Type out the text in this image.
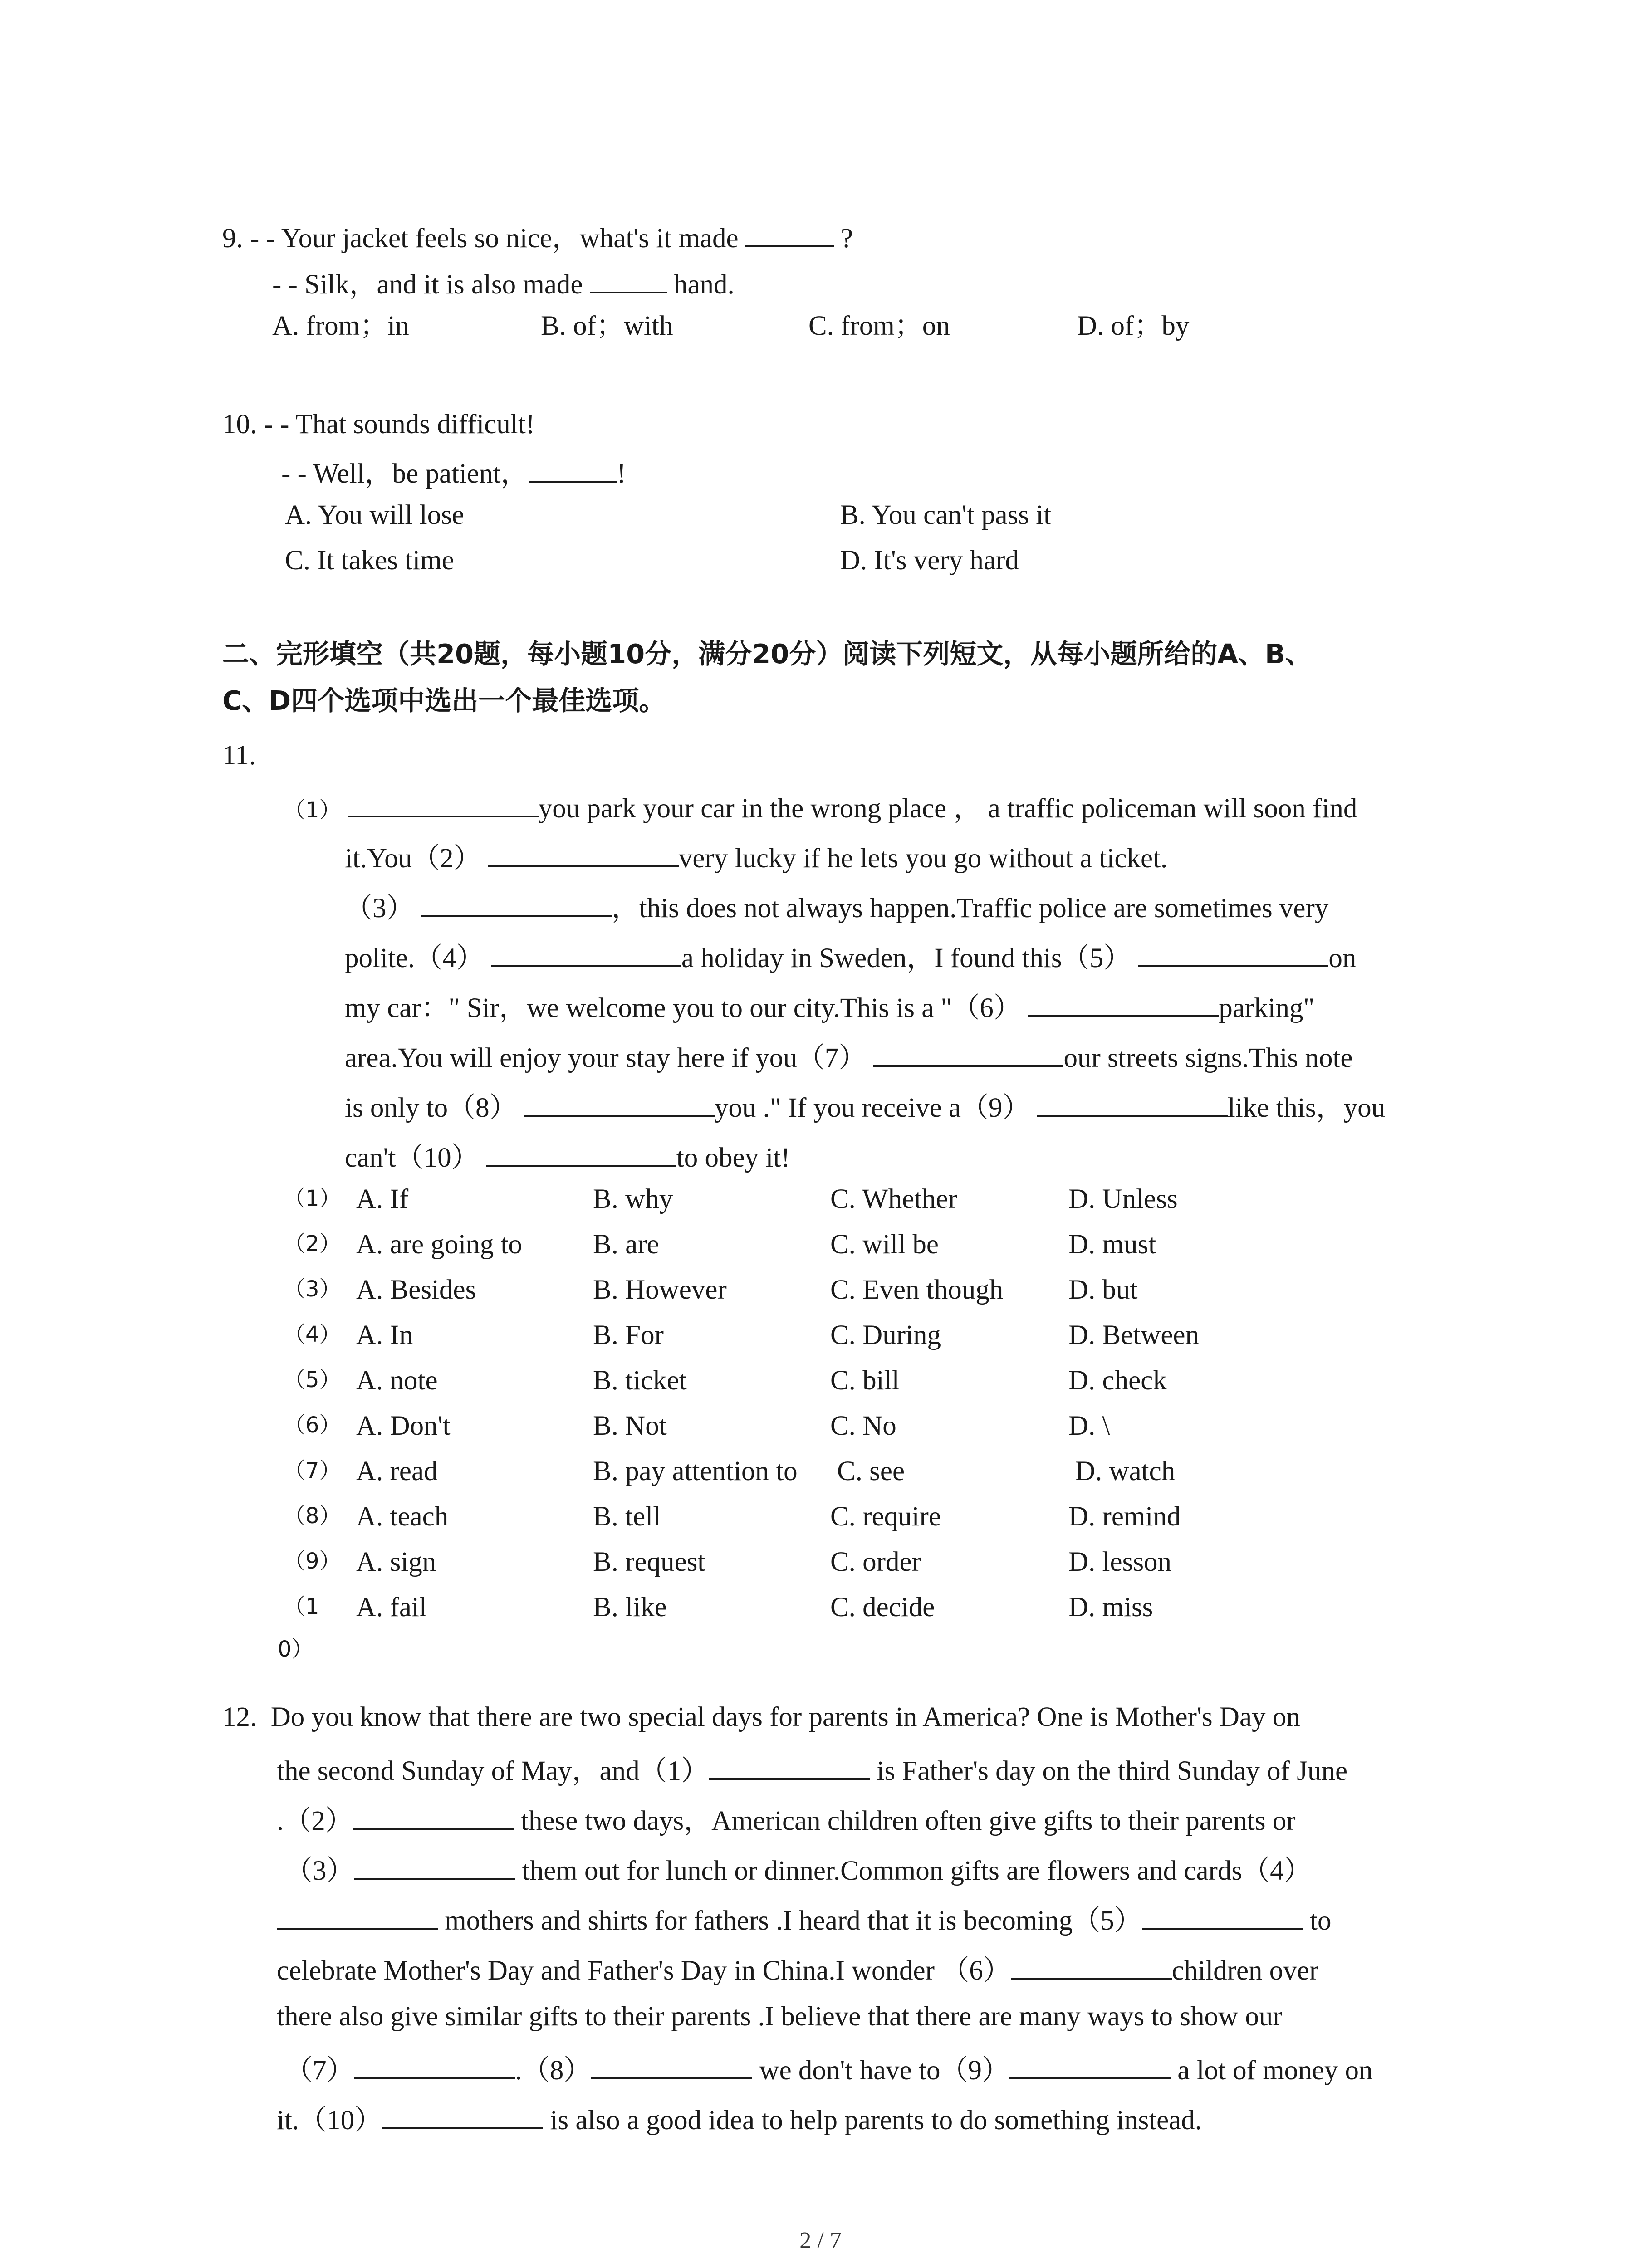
9. - - Your jacket feels so nice，what's it made	?
- - Silk，and it is also made	hand.
A. from；in	B. of；with	C. from；on	D. of；by
10. - - That sounds difficult!
- - Well，be patient，	!
A. You will lose	B. You can't pass it
C. It takes time	D. It's very hard
二、完形填空（共20题，每小题10分，满分20分）阅读下列短文，从每小题所给的A、B、
C、D四个选项中选出一个最佳选项。
11.
（1）	you park your car in the wrong place ， a traffic policeman will soon find
it.You（2）	very lucky if he lets you go without a ticket.
（3）	，this does not always happen.Traffic police are sometimes very
polite.（4）	a holiday in Sweden，I found this（5）	on
my car：" Sir，we welcome you to our city.This is a "（6）	parking"
area.You will enjoy your stay here if you（7）	our streets signs.This note
is only to（8）	you ." If you receive a（9）	like this，you
can't（10）	to obey it!
（1） A. If	B. why	C. Whether	D. Unless
（2） A. are going to	B. are	C. will be	D. must
（3） A. Besides	B. However	C. Even though D. but
（4） A. In	B. For	C. During	D. Between
（5） A. note	B. ticket	C. bill	D. check
（6） A. Don't	B. Not	C. No	D. \
（7） A. read	B. pay attention to C. see	D. watch
（8） A. teach	B. tell	C. require	D. remind
（9） A. sign	B. request	C. order	D. lesson
（1 A. fail	B. like	C. decide	D. miss
0）
12. Do you know that there are two special days for parents in America? One is Mother's Day on
the second Sunday of May，and（1）	is Father's day on the third Sunday of June
.（2）	these two days，American children often give gifts to their parents or
（3）	them out for lunch or dinner.Common gifts are flowers and cards（4）
mothers and shirts for fathers .I heard that it is becoming（5）	to
celebrate Mother's Day and Father's Day in China.I wonder （6）	children over
there also give similar gifts to their parents .I believe that there are many ways to show our
（7）	.（8）	we don't have to（9）	a lot of money on
it.（10）	is also a good idea to help parents to do something instead.
2 / 7
